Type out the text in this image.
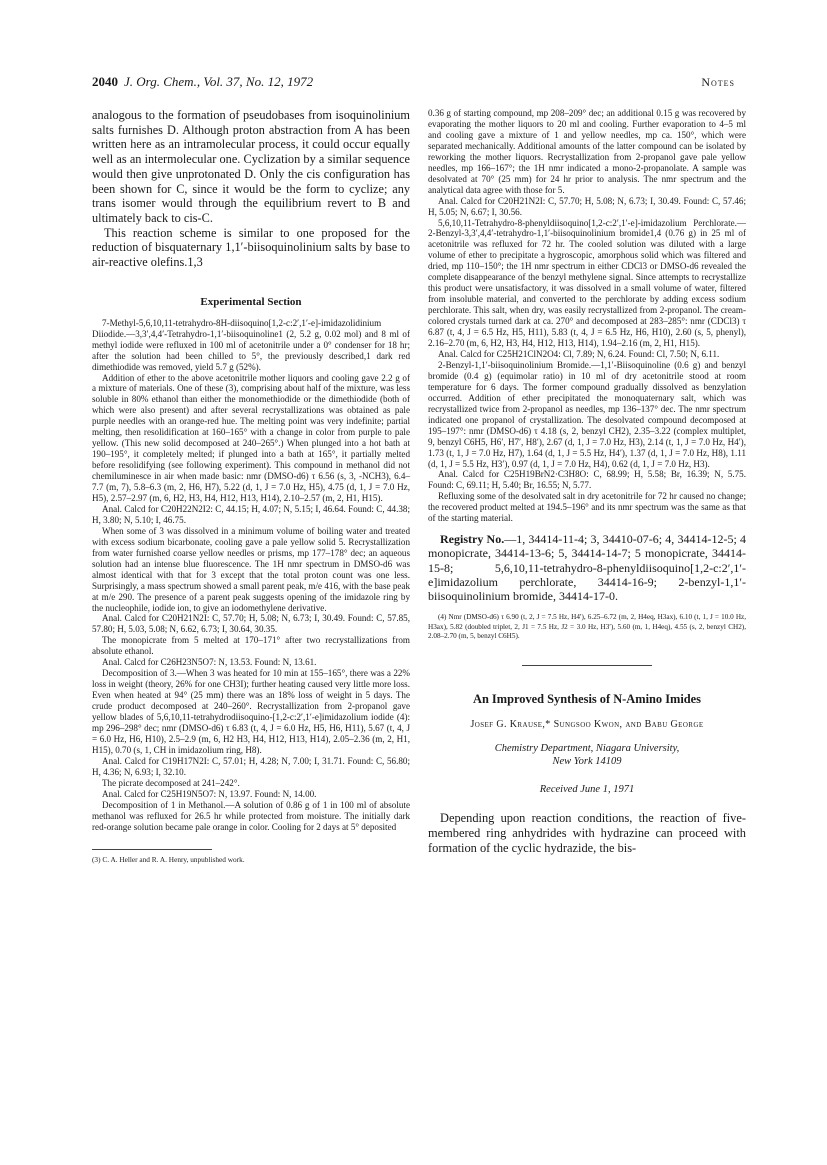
2040 J. Org. Chem., Vol. 37, No. 12, 1972	Notes

analogous to the formation of pseudobases from isoquinolinium salts furnishes D. Although proton abstraction from A has been written here as an intramolecular process, it could occur equally well as an intermolecular one. Cyclization by a similar sequence would then give unprotonated D. Only the cis configuration has been shown for C, since it would be the form to cyclize; any trans isomer would through the equilibrium revert to B and ultimately back to cis-C.

This reaction scheme is similar to one proposed for the reduction of bisquaternary 1,1′-biisoquinolinium salts by base to air-reactive olefins.1,3

Experimental Section

7-Methyl-5,6,10,11-tetrahydro-8H-diisoquino[1,2-c:2′,1′-e]-imidazolidinium Diiodide.—3,3′,4,4′-Tetrahydro-1,1′-biisoquinoline1 (2, 5.2 g, 0.02 mol) and 8 ml of methyl iodide were refluxed in 100 ml of acetonitrile under a 0° condenser for 18 hr; after the solution had been chilled to 5°, the previously described,1 dark red dimethiodide was removed, yield 5.7 g (52%).

Addition of ether to the above acetonitrile mother liquors and cooling gave 2.2 g of a mixture of materials. One of these (3), comprising about half of the mixture, was less soluble in 80% ethanol than either the monomethiodide or the dimethiodide (both of which were also present) and after several recrystallizations was obtained as pale purple needles with an orange-red hue. The melting point was very indefinite; partial melting, then resolidification at 160–165° with a change in color from purple to pale yellow. (This new solid decomposed at 240–265°.) When plunged into a hot bath at 190–195°, it completely melted; if plunged into a bath at 165°, it partially melted before resolidifying (see following experiment). This compound in methanol did not chemiluminesce in air when made basic: nmr (DMSO-d6) τ 6.56 (s, 3, -NCH3), 6.4–7.7 (m, 7), 5.8–6.3 (m, 2, H6, H7), 5.22 (d, 1, J = 7.0 Hz, H5), 4.75 (d, 1, J = 7.0 Hz, H5), 2.57–2.97 (m, 6, H2, H3, H4, H12, H13, H14), 2.10–2.57 (m, 2, H1, H15).

Anal. Calcd for C20H22N2I2: C, 44.15; H, 4.07; N, 5.15; I, 46.64. Found: C, 44.38; H, 3.80; N, 5.10; I, 46.75.

When some of 3 was dissolved in a minimum volume of boiling water and treated with excess sodium bicarbonate, cooling gave a pale yellow solid 5. Recrystallization from water furnished coarse yellow needles or prisms, mp 177–178° dec; an aqueous solution had an intense blue fluorescence. The 1H nmr spectrum in DMSO-d6 was almost identical with that for 3 except that the total proton count was one less. Surprisingly, a mass spectrum showed a small parent peak, m/e 416, with the base peak at m/e 290. The presence of a parent peak suggests opening of the imidazole ring by the nucleophile, iodide ion, to give an iodomethylene derivative.

Anal. Calcd for C20H21N2I: C, 57.70; H, 5.08; N, 6.73; I, 30.49. Found: C, 57.85, 57.80; H, 5.03, 5.08; N, 6.62, 6.73; I, 30.64, 30.35.

The monopicrate from 5 melted at 170–171° after two recrystallizations from absolute ethanol.

Anal. Calcd for C26H23N5O7: N, 13.53. Found: N, 13.61.

Decomposition of 3.—When 3 was heated for 10 min at 155–165°, there was a 22% loss in weight (theory, 26% for one CH3I); further heating caused very little more loss. Even when heated at 94° (25 mm) there was an 18% loss of weight in 5 days. The crude product decomposed at 240–260°. Recrystallization from 2-propanol gave yellow blades of 5,6,10,11-tetrahydrodiisoquino-[1,2-c:2′,1′-e]imidazolium iodide (4): mp 296–298° dec; nmr (DMSO-d6) τ 6.83 (t, 4, J = 6.0 Hz, H5, H6, H11), 5.67 (t, 4, J = 6.0 Hz, H6, H10), 2.5–2.9 (m, 6, H2 H3, H4, H12, H13, H14), 2.05–2.36 (m, 2, H1, H15), 0.70 (s, 1, CH in imidazolium ring, H8).

Anal. Calcd for C19H17N2I: C, 57.01; H, 4.28; N, 7.00; I, 31.71. Found: C, 56.80; H, 4.36; N, 6.93; I, 32.10.

The picrate decomposed at 241–242°.

Anal. Calcd for C25H19N5O7: N, 13.97. Found: N, 14.00.

Decomposition of 1 in Methanol.—A solution of 0.86 g of 1 in 100 ml of absolute methanol was refluxed for 26.5 hr while protected from moisture. The initially dark red-orange solution became pale orange in color. Cooling for 2 days at 5° deposited

(3) C. A. Heller and R. A. Henry, unpublished work.

0.36 g of starting compound, mp 208–209° dec; an additional 0.15 g was recovered by evaporating the mother liquors to 20 ml and cooling. Further evaporation to 4–5 ml and cooling gave a mixture of 1 and yellow needles, mp ca. 150°, which were separated mechanically. Additional amounts of the latter compound can be isolated by reworking the mother liquors. Recrystallization from 2-propanol gave pale yellow needles, mp 166–167°; the 1H nmr indicated a mono-2-propanolate. A sample was desolvated at 70° (25 mm) for 24 hr prior to analysis. The nmr spectrum and the analytical data agree with those for 5.

Anal. Calcd for C20H21N2I: C, 57.70; H, 5.08; N, 6.73; I, 30.49. Found: C, 57.46; H, 5.05; N, 6.67; I, 30.56.

5,6,10,11-Tetrahydro-8-phenyldiisoquino[1,2-c:2′,1′-e]-imidazolium Perchlorate.—2-Benzyl-3,3′,4,4′-tetrahydro-1,1′-biisoquinolinium bromide1,4 (0.76 g) in 25 ml of acetonitrile was refluxed for 72 hr. The cooled solution was diluted with a large volume of ether to precipitate a hygroscopic, amorphous solid which was filtered and dried, mp 110–150°; the 1H nmr spectrum in either CDCl3 or DMSO-d6 revealed the complete disappearance of the benzyl methylene signal. Since attempts to recrystallize this product were unsatisfactory, it was dissolved in a small volume of water, filtered from insoluble material, and converted to the perchlorate by adding excess sodium perchlorate. This salt, when dry, was easily recrystallized from 2-propanol. The cream-colored crystals turned dark at ca. 270° and decomposed at 283–285°: nmr (CDCl3) τ 6.87 (t, 4, J = 6.5 Hz, H5, H11), 5.83 (t, 4, J = 6.5 Hz, H6, H10), 2.60 (s, 5, phenyl), 2.16–2.70 (m, 6, H2, H3, H4, H12, H13, H14), 1.94–2.16 (m, 2, H1, H15).

Anal. Calcd for C25H21ClN2O4: Cl, 7.89; N, 6.24. Found: Cl, 7.50; N, 6.11.

2-Benzyl-1,1′-biisoquinolinium Bromide.—1,1′-Biisoquinoline (0.6 g) and benzyl bromide (0.4 g) (equimolar ratio) in 10 ml of dry acetonitrile stood at room temperature for 6 days. The former compound gradually dissolved as benzylation occurred. Addition of ether precipitated the monoquaternary salt, which was recrystallized twice from 2-propanol as needles, mp 136–137° dec. The nmr spectrum indicated one propanol of crystallization. The desolvated compound decomposed at 195–197°: nmr (DMSO-d6) τ 4.18 (s, 2, benzyl CH2), 2.35–3.22 (complex multiplet, 9, benzyl C6H5, H6′, H7′, H8′), 2.67 (d, 1, J = 7.0 Hz, H3), 2.14 (t, 1, J = 7.0 Hz, H4′), 1.73 (t, 1, J = 7.0 Hz, H7), 1.64 (d, 1, J = 5.5 Hz, H4′), 1.37 (d, 1, J = 7.0 Hz, H8), 1.11 (d, 1, J = 5.5 Hz, H3′), 0.97 (d, 1, J = 7.0 Hz, H4), 0.62 (d, 1, J = 7.0 Hz, H3).

Anal. Calcd for C25H19BrN2·C3H8O: C, 68.99; H, 5.58; Br, 16.39; N, 5.75. Found: C, 69.11; H, 5.40; Br, 16.55; N, 5.77.

Refluxing some of the desolvated salt in dry acetonitrile for 72 hr caused no change; the recovered product melted at 194.5–196° and its nmr spectrum was the same as that of the starting material.

Registry No.—1, 34414-11-4; 3, 34410-07-6; 4, 34414-12-5; 4 monopicrate, 34414-13-6; 5, 34414-14-7; 5 monopicrate, 34414-15-8; 5,6,10,11-tetrahydro-8-phenyldiisoquino[1,2-c:2′,1′-e]imidazolium perchlorate, 34414-16-9; 2-benzyl-1,1′-biisoquinolinium bromide, 34414-17-0.

(4) Nmr (DMSO-d6) τ 6.90 (t, 2, J = 7.5 Hz, H4′), 6.25–6.72 (m, 2, H4eq, H3ax), 6.10 (t, 1, J = 10.0 Hz, H3ax), 5.82 (doubled triplet, 2, J1 = 7.5 Hz, J2 = 3.0 Hz, H3′), 5.60 (m, 1, H4eq), 4.55 (s, 2, benzyl CH2), 2.08–2.70 (m, 5, benzyl C6H5).

An Improved Synthesis of N-Amino Imides
Josef G. Krause,* Sungsoo Kwon, and Babu George

Chemistry Department, Niagara University,

New York 14109

Received June 1, 1971

Depending upon reaction conditions, the reaction of five-membered ring anhydrides with hydrazine can proceed with formation of the cyclic hydrazide, the bis-
